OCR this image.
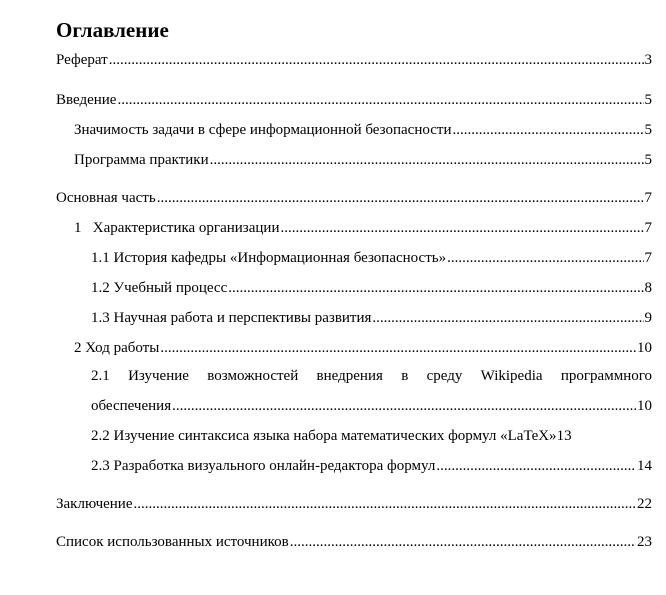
Оглавление
Реферат .....	3
Введение .....	5
Значимость задачи в сфере информационной безопасности .....	5
Программа практики .....	5
Основная часть .....	7
1   Характеристика организации .....	7
1.1 История кафедры «Информационная безопасность» .....	7
1.2 Учебный процесс .....	8
1.3 Научная работа и перспективы развития .....	9
2 Ход работы .....	10
2.1 Изучение возможностей внедрения в среду Wikipedia программного
обеспечения .....	10
2.2 Изучение синтаксиса языка набора математических формул «LaTeX» 13
2.3 Разработка визуального онлайн-редактора формул .....	14
Заключение .....	22
Список использованных источников .....	23
